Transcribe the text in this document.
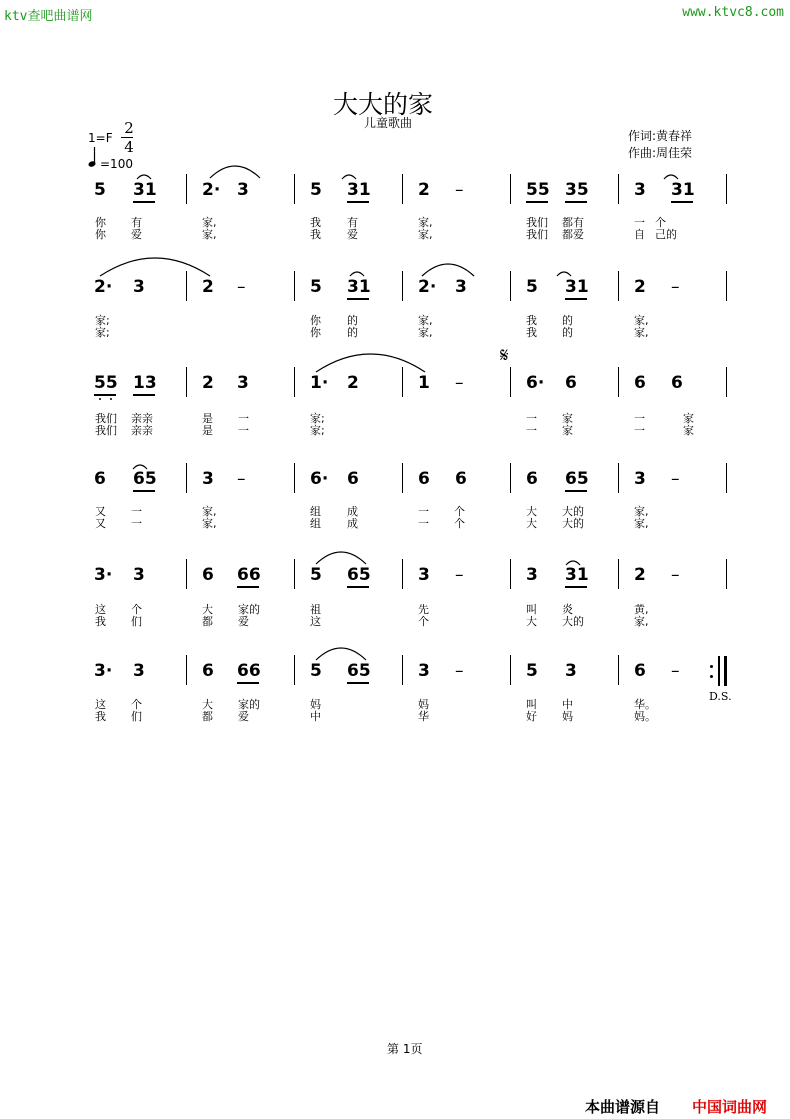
ktv查吧曲谱网	www.ktvc8.com
大大的家
儿童歌曲
1=F
2
4
=100
作词:黄春祥
作曲:周佳荣
5 31	2· 3	5 31	2 –	55 35	3 31
2· 3	2 –	5 31	2· 3	5 31	2 –
55 13	2 3	1· 2	1 –	6· 6	6 6
6 65	3 –	6· 6	6 6	6 65	3 –
3· 3	6 66	5 65	3 –	3 31	2 –
3· 3	6 66	5 65	3 –	5 3	6 –
你 有	家,	我 有	家,	我们 都有	一 个
你 爱	家,	我 爱	家,	我们 都爱	自 己的
家;	你 的	家,	我 的	家,
家;	你 的	家,	我 的	家,
我们 亲亲	是 一	家;	一 家	一	家
我们 亲亲	是 一	家;	一 家	一	家
又 一	家,	组 成	一 个	大 大的	家,
又 一	家,	组 成	一 个	大 大的	家,
这 个	大 家的	祖	先	叫 炎	黄,
我 们	都 爱	这	个	大 大的	家,
这 个	大 家的	妈	妈	叫 中	华。
我 们	都 爱	中	华	好 妈	妈。
D.S.
𝄋
第 1页
本曲谱源自 中国词曲网
